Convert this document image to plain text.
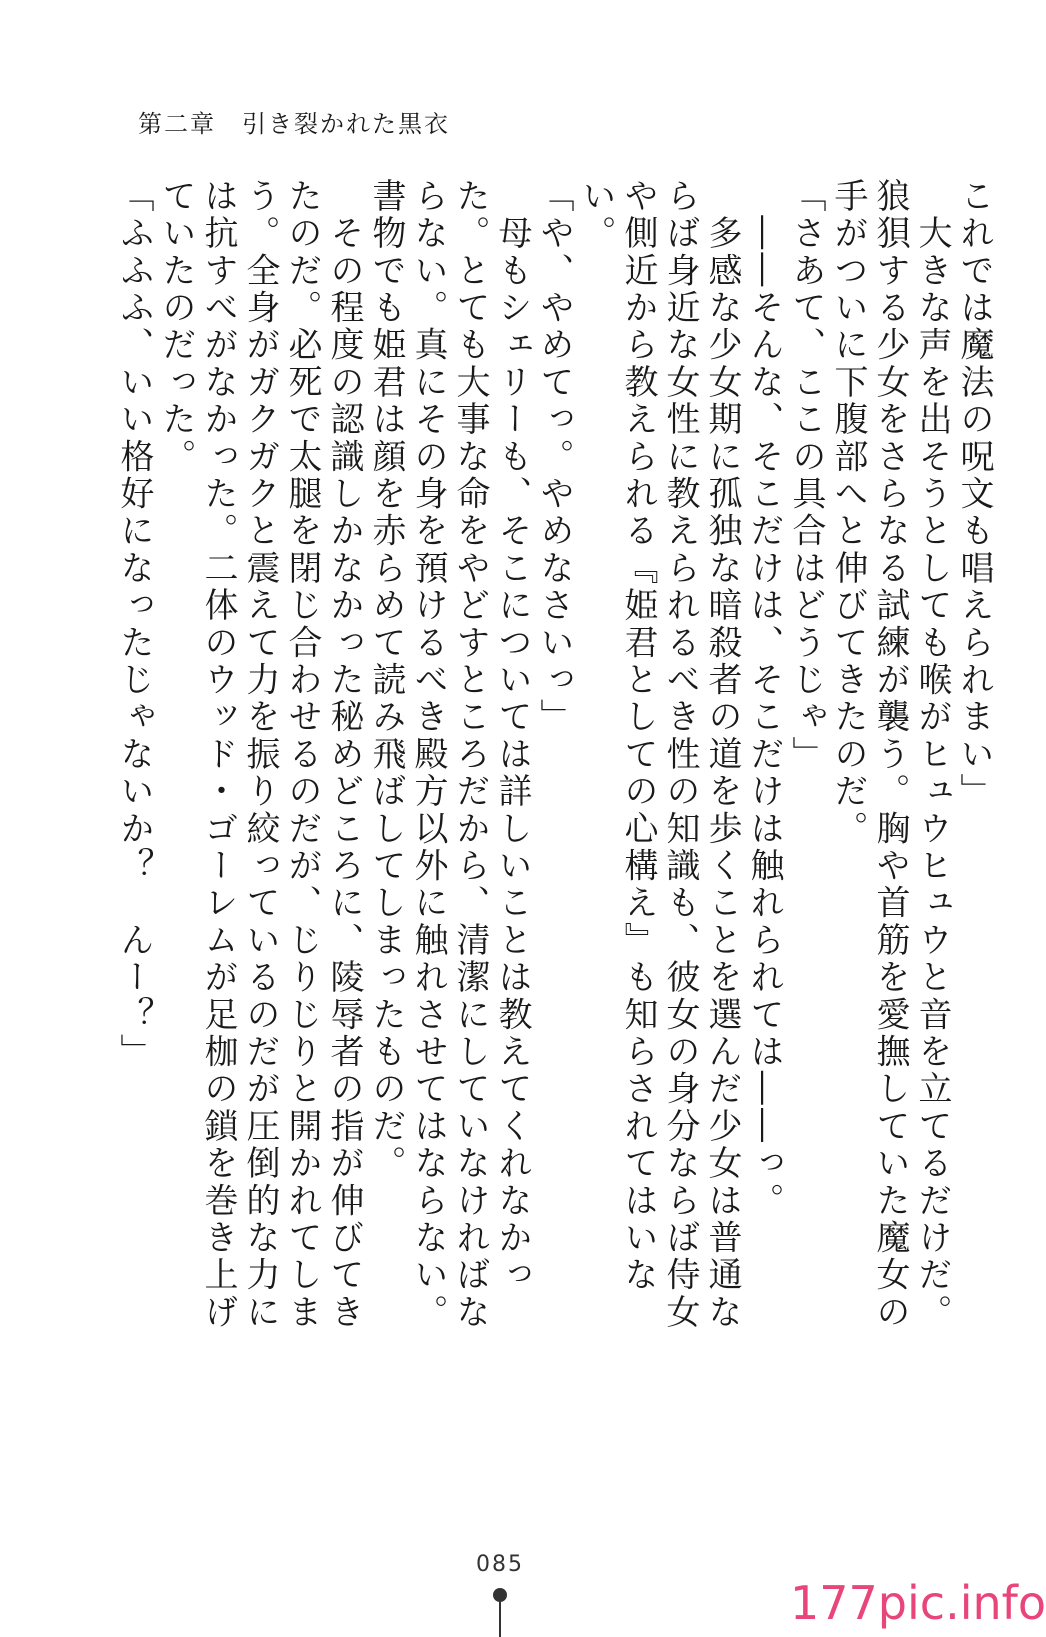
第二章　引き裂かれた黒衣

これでは魔法の呪文も唱えられまい」

　大きな声を出そうとしても喉がヒュウヒュウと音を立てるだけだ。狼狽する少女をさらなる試練が襲う。胸や首筋を愛撫していた魔女の手がついに下腹部へと伸びてきたのだ。

「さあて、ここの具合はどうじゃ」

　――そんな、そこだけは、そこだけは触れられては――っ。

　多感な少女期に孤独な暗殺者の道を歩くことを選んだ少女は普通ならば身近な女性に教えられるべき性の知識も、彼女の身分ならば侍女や側近から教えられる『姫君としての心構え』も知らされてはいない。

「や、やめてっ。やめなさいっ」

　母もシェリーも、そこについては詳しいことは教えてくれなかった。とても大事な命をやどすところだから、清潔にしていなければならない。真にその身を預けるべき殿方以外に触れさせてはならない。書物でも姫君は顔を赤らめて読み飛ばしてしまったものだ。

　その程度の認識しかなかった秘めどころに、陵辱者の指が伸びてきたのだ。必死で太腿を閉じ合わせるのだが、じりじりと開かれてしまう。全身がガクガクと震えて力を振り絞っているのだが圧倒的な力には抗すべがなかった。二体のウッド・ゴーレムが足枷の鎖を巻き上げていたのだった。

「ふふふ、いい格好になったじゃないか？　んー？」

085
177pic.info
